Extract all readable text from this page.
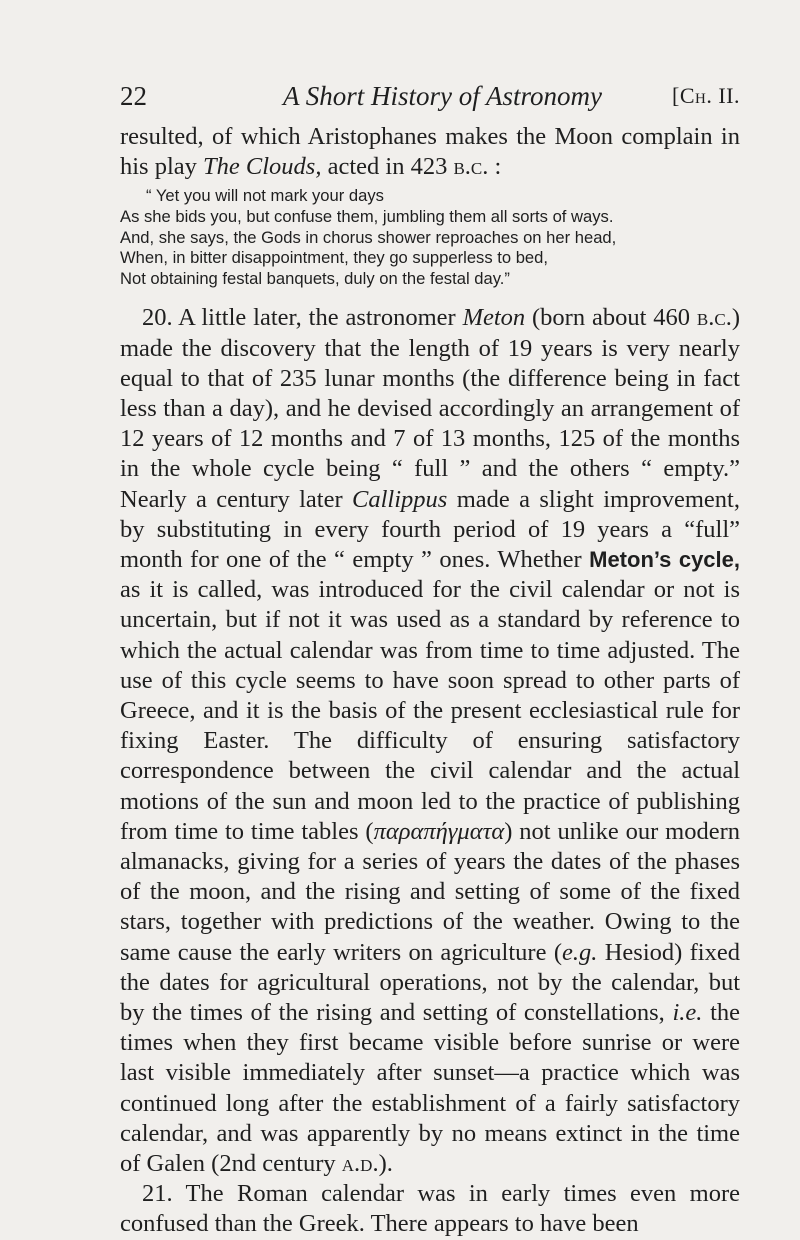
22	A Short History of Astronomy	[Ch. II.

resulted, of which Aristophanes makes the Moon complain in his play The Clouds, acted in 423 b.c. :

“ Yet you will not mark your days
As she bids you, but confuse them, jumbling them all sorts of ways.
And, she says, the Gods in chorus shower reproaches on her head,
When, in bitter disappointment, they go supperless to bed,
Not obtaining festal banquets, duly on the festal day.”

20. A little later, the astronomer Meton (born about 460 b.c.) made the discovery that the length of 19 years is very nearly equal to that of 235 lunar months (the difference being in fact less than a day), and he devised accordingly an arrangement of 12 years of 12 months and 7 of 13 months, 125 of the months in the whole cycle being “ full ” and the others “ empty.” Nearly a century later Callippus made a slight improvement, by substituting in every fourth period of 19 years a “full” month for one of the “ empty ” ones. Whether Meton’s cycle, as it is called, was introduced for the civil calendar or not is uncertain, but if not it was used as a standard by reference to which the actual calendar was from time to time adjusted. The use of this cycle seems to have soon spread to other parts of Greece, and it is the basis of the present ecclesiastical rule for fixing Easter. The difficulty of ensuring satisfactory correspondence between the civil calendar and the actual motions of the sun and moon led to the practice of publishing from time to time tables (παραπήγματα) not unlike our modern almanacks, giving for a series of years the dates of the phases of the moon, and the rising and setting of some of the fixed stars, together with predictions of the weather. Owing to the same cause the early writers on agriculture (e.g. Hesiod) fixed the dates for agricultural operations, not by the calendar, but by the times of the rising and setting of constellations, i.e. the times when they first became visible before sunrise or were last visible immediately after sunset—a practice which was continued long after the establishment of a fairly satisfactory calendar, and was apparently by no means extinct in the time of Galen (2nd century a.d.).

21. The Roman calendar was in early times even more confused than the Greek. There appears to have been
